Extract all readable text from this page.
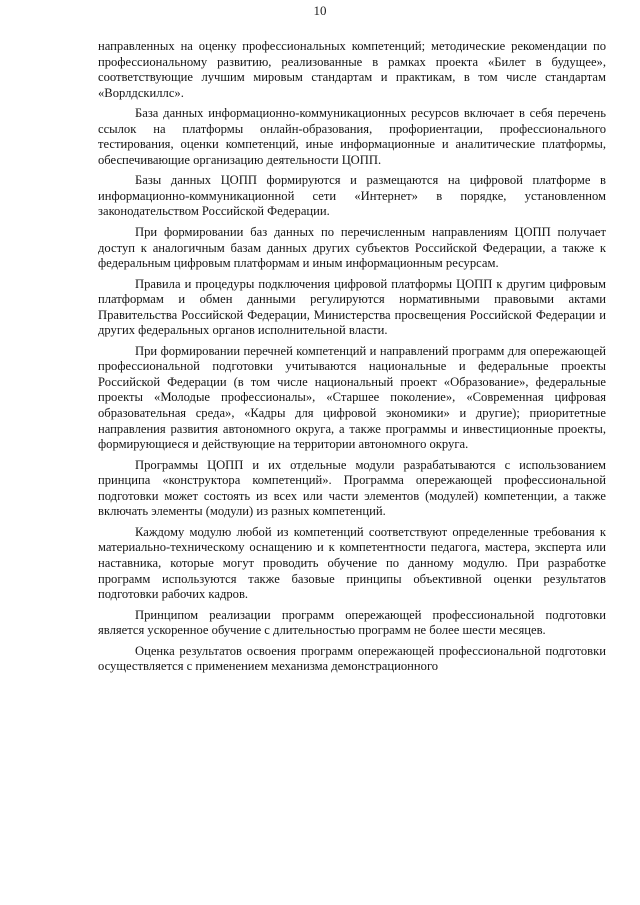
10

направленных на оценку профессиональных компетенций; методические рекомендации по профессиональному развитию, реализованные в рамках проекта «Билет в будущее», соответствующие лучшим мировым стандартам и практикам, в том числе стандартам «Ворлдскиллс».

База данных информационно-коммуникационных ресурсов включает в себя перечень ссылок на платформы онлайн-образования, профориентации, профессионального тестирования, оценки компетенций, иные информационные и аналитические платформы, обеспечивающие организацию деятельности ЦОПП.

Базы данных ЦОПП формируются и размещаются на цифровой платформе в информационно-коммуникационной сети «Интернет» в порядке, установленном законодательством Российской Федерации.

При формировании баз данных по перечисленным направлениям ЦОПП получает доступ к аналогичным базам данных других субъектов Российской Федерации, а также к федеральным цифровым платформам и иным информационным ресурсам.

Правила и процедуры подключения цифровой платформы ЦОПП к другим цифровым платформам и обмен данными регулируются нормативными правовыми актами Правительства Российской Федерации, Министерства просвещения Российской Федерации и других федеральных органов исполнительной власти.

При формировании перечней компетенций и направлений программ для опережающей профессиональной подготовки учитываются национальные и федеральные проекты Российской Федерации (в том числе национальный проект «Образование», федеральные проекты «Молодые профессионалы», «Старшее поколение», «Современная цифровая образовательная среда», «Кадры для цифровой экономики» и другие); приоритетные направления развития автономного округа, а также программы и инвестиционные проекты, формирующиеся и действующие на территории автономного округа.

Программы ЦОПП и их отдельные модули разрабатываются с использованием принципа «конструктора компетенций». Программа опережающей профессиональной подготовки может состоять из всех или части элементов (модулей) компетенции, а также включать элементы (модули) из разных компетенций.

Каждому модулю любой из компетенций соответствуют определенные требования к материально-техническому оснащению и к компетентности педагога, мастера, эксперта или наставника, которые могут проводить обучение по данному модулю. При разработке программ используются также базовые принципы объективной оценки результатов подготовки рабочих кадров.

Принципом реализации программ опережающей профессиональной подготовки является ускоренное обучение с длительностью программ не более шести месяцев.

Оценка результатов освоения программ опережающей профессиональной подготовки осуществляется с применением механизма демонстрационного
